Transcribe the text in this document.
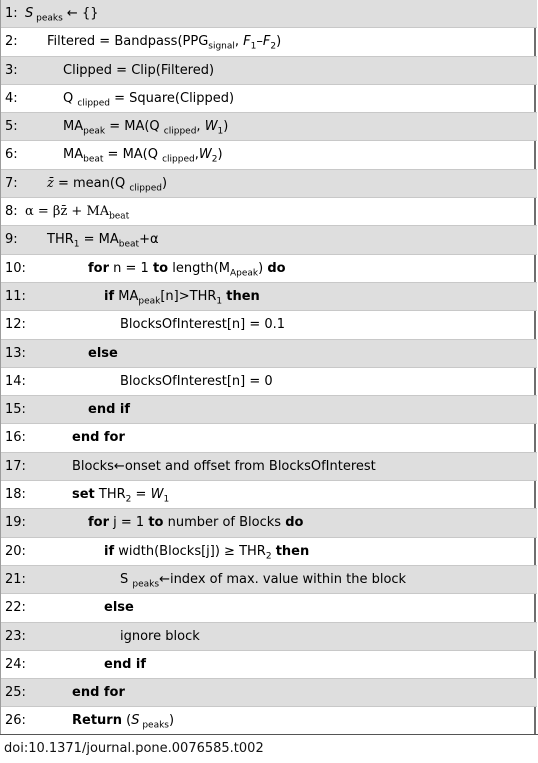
1: S $_{peaks}$ ← {}
2: Filtered = $Bandpass(PPG_{signal}$, $F_1-F_2$)
3:	Clipped = Clip(Filtered)
4:	Q $_{clipped}$ = Square(Clipped)
5:	$MA_{peak} = MA(Q$ $_{clipped}$, $W_1$)
6:	$MA_{beat} = MA(Q$ $_{clipped},W_2$)
7: z̄ = mean(Q $_{clipped}$)
8: α = βz̄ + $MA_{beat}$
9: $THR_1 = MA_{beat}+\alpha$
10:	for n = 1 to $length(M_{Apeak})$ do
11:	if $MA_{peak}[n]>THR_1$ then
12:	BlocksOfInterest[n] = 0.1
13:	else
14:	BlocksOfInterest[n] = 0
15:	end if
16:	end for
17:	Blocks←onset and offset from BlocksOfInterest
18:	set $THR_2 = W_1$
19:	for j = 1 to number of Blocks do
20:	if width(Blocks[j]) ≥ $THR_2$ then
21:	S $_{peaks}$←index of max. value within the block
22:	else
23:	ignore block
24:	end if
25:	end for
26:	Return (S $_{peaks}$)
doi:10.1371/journal.pone.0076585.t002
